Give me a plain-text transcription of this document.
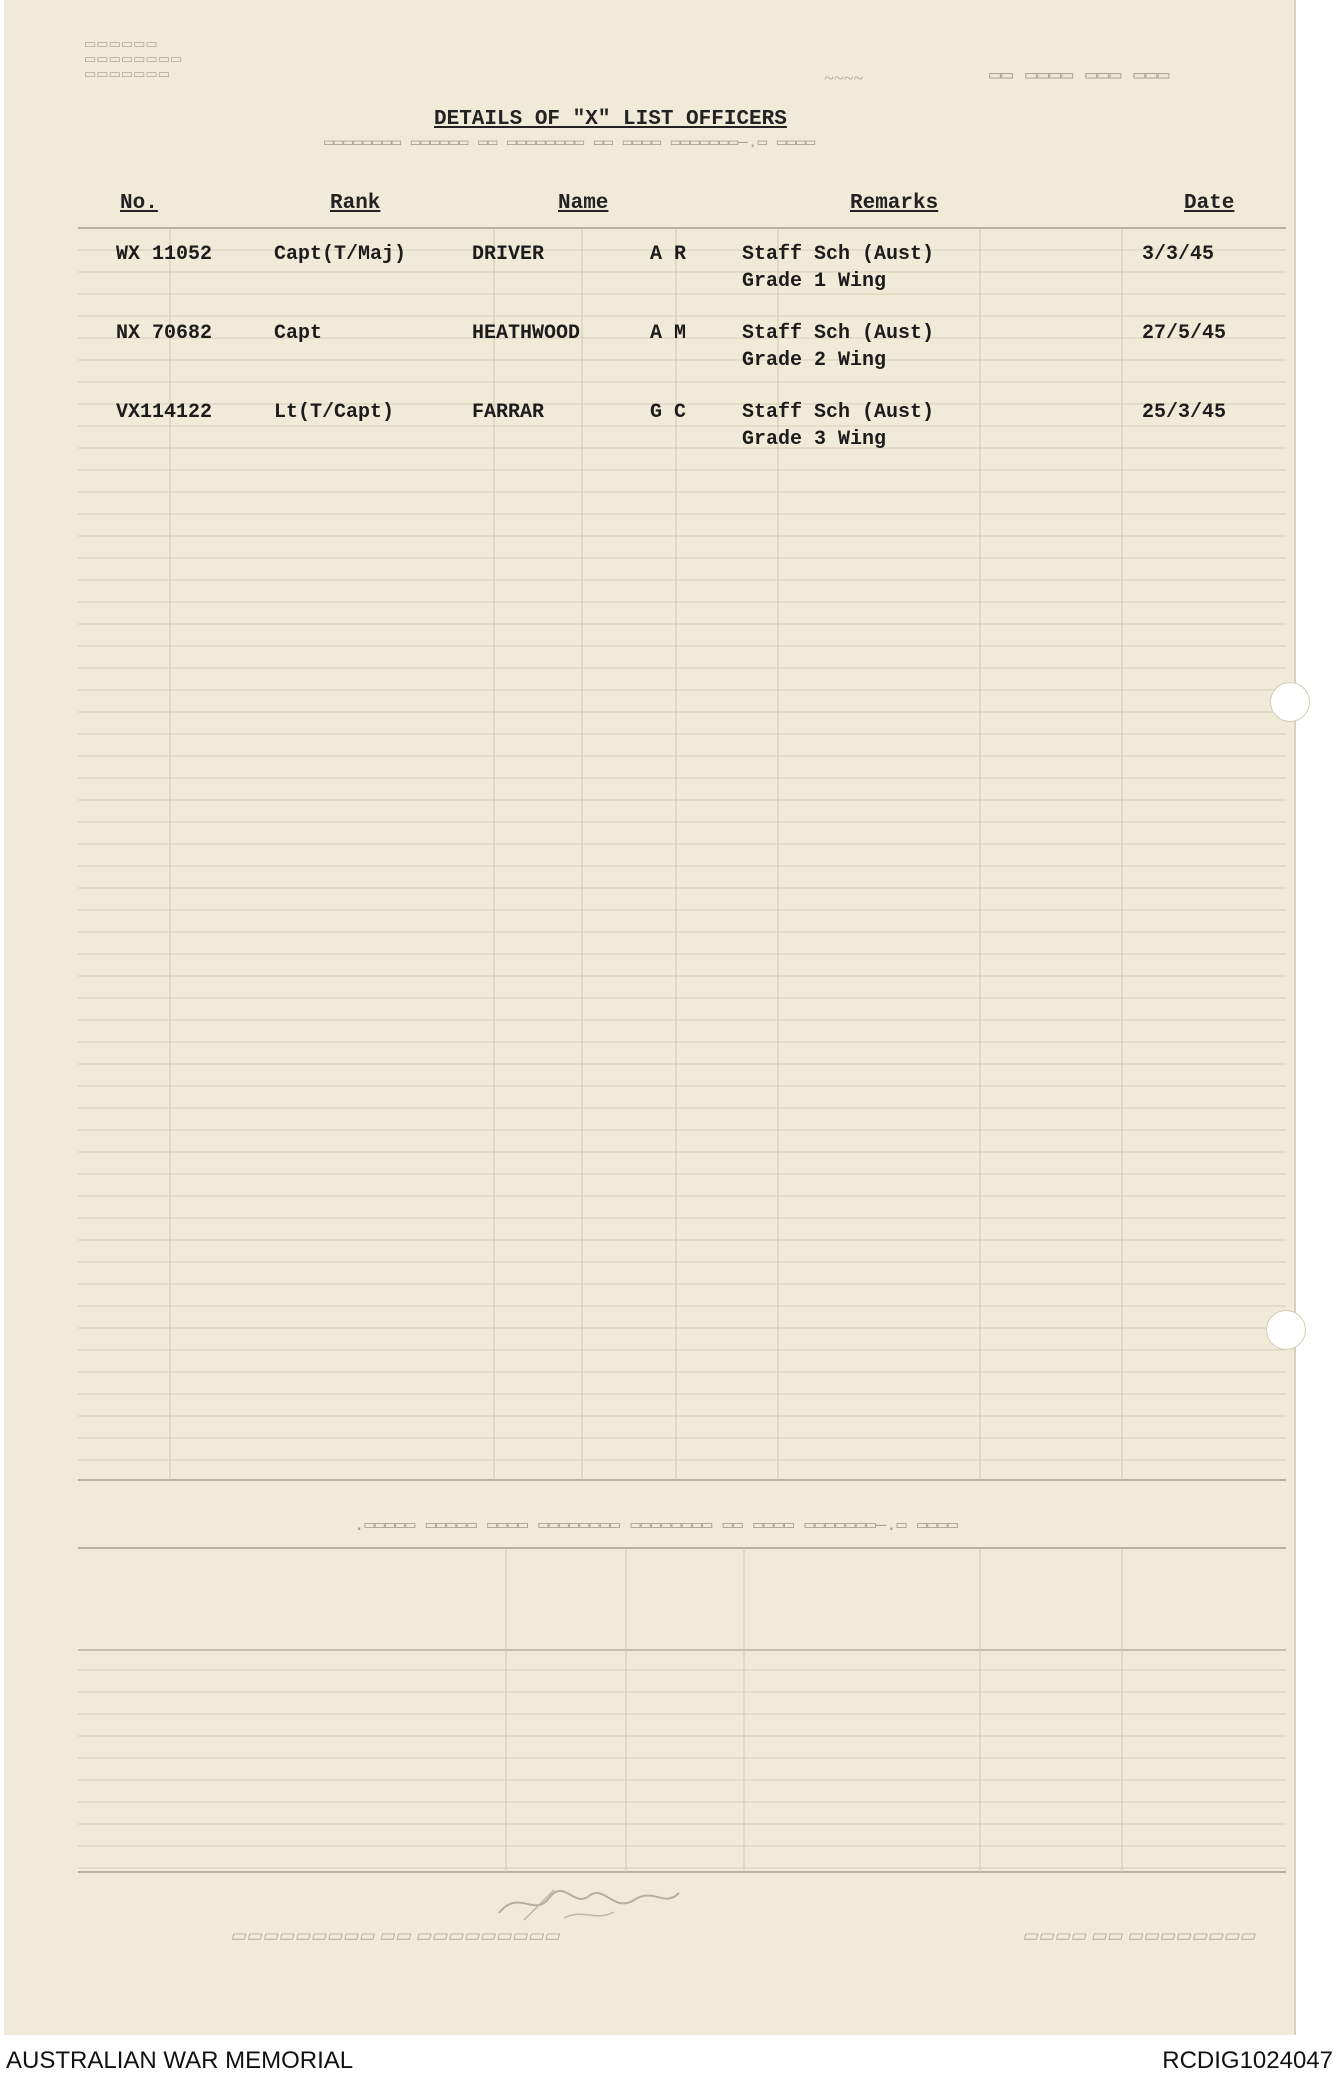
▭▭▭▭▭▭
▭▭▭▭▭▭▭▭
▭▭▭▭▭▭▭	~~~~	▭▭ ▭▭▭▭ ▭▭▭ ▭▭▭
DETAILS OF "X" LIST OFFICERS
No.	Rank	Name	Remarks	Date
▭▭▭▭ ▭.—▭▭▭▭▭▭▭ ▭▭▭▭ ▭▭ ▭▭▭▭▭▭▭▭ ▭▭▭▭▭▭▭▭ ▭▭▭▭ ▭▭▭▭▭ ▭▭▭▭▭.
▭▭▭▭ ▭.—▭▭▭▭▭▭▭ ▭▭▭▭ ▭▭ ▭▭▭▭▭▭▭▭ ▭▭ ▭▭▭▭▭▭ ▭▭▭▭▭▭▭▭
▭▭▭▭▭▭▭▭▭ ▭▭ ▭▭▭▭▭▭▭▭▭	▭▭▭▭ ▭▭ ▭▭▭▭▭▭▭▭
WX 11052	Capt(T/Maj)	DRIVER	A R	Staff Sch (Aust)	3/3/45
Grade 1 Wing
NX 70682	Capt	HEATHWOOD	A M	Staff Sch (Aust)	27/5/45
Grade 2 Wing
VX114122	Lt(T/Capt)	FARRAR	G C	Staff Sch (Aust)	25/3/45
Grade 3 Wing
AUSTRALIAN WAR MEMORIAL	RCDIG1024047
